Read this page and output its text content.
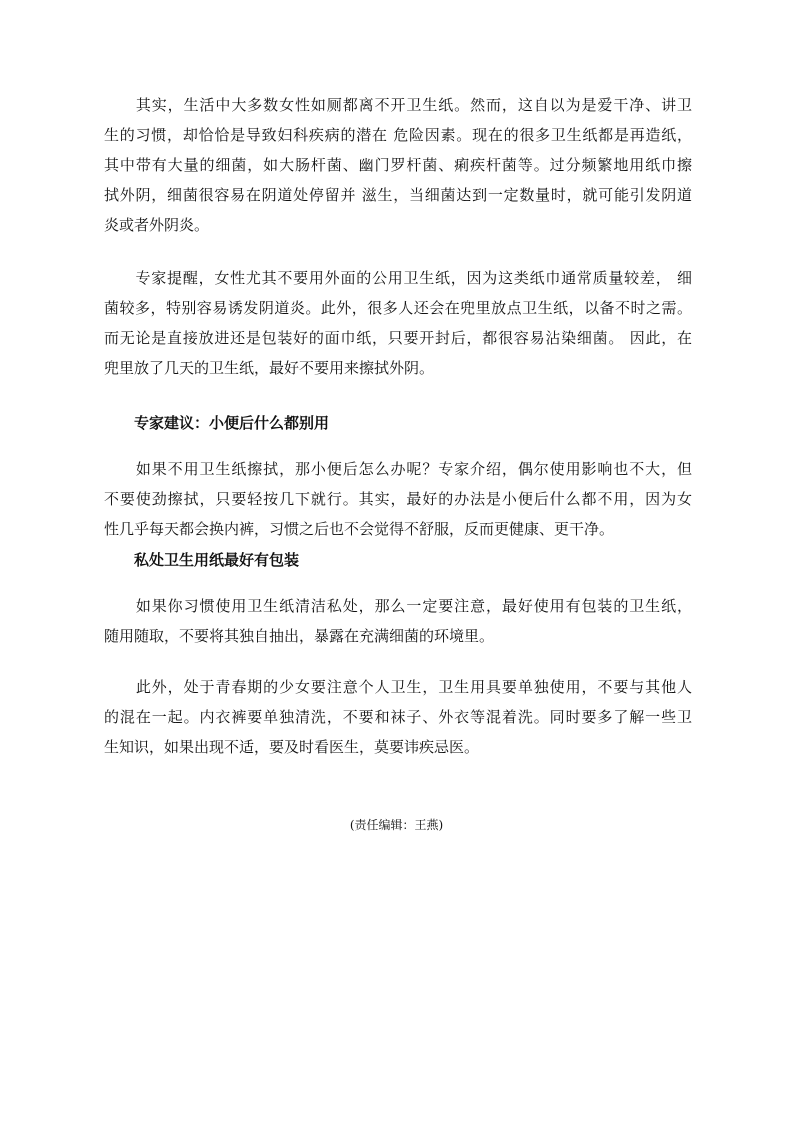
　　其实，生活中大多数女性如厕都离不开卫生纸。然而，这自以为是爱干净、讲卫
生的习惯，却恰恰是导致妇科疾病的潜在 危险因素。现在的很多卫生纸都是再造纸，
其中带有大量的细菌，如大肠杆菌、幽门罗杆菌、痢疾杆菌等。过分频繁地用纸巾擦
拭外阴，细菌很容易在阴道处停留并 滋生，当细菌达到一定数量时，就可能引发阴道
炎或者外阴炎。
　　专家提醒，女性尤其不要用外面的公用卫生纸，因为这类纸巾通常质量较差， 细
菌较多，特别容易诱发阴道炎。此外，很多人还会在兜里放点卫生纸，以备不时之需。
而无论是直接放进还是包装好的面巾纸，只要开封后，都很容易沾染细菌。 因此，在
兜里放了几天的卫生纸，最好不要用来擦拭外阴。
专家建议：小便后什么都别用
　　如果不用卫生纸擦拭，那小便后怎么办呢？专家介绍，偶尔使用影响也不大，但
不要使劲擦拭，只要轻按几下就行。其实，最好的办法是小便后什么都不用，因为女
性几乎每天都会换内裤，习惯之后也不会觉得不舒服，反而更健康、更干净。
私处卫生用纸最好有包装
　　如果你习惯使用卫生纸清洁私处，那么一定要注意，最好使用有包装的卫生纸，
随用随取，不要将其独自抽出，暴露在充满细菌的环境里。
　　此外，处于青春期的少女要注意个人卫生，卫生用具要单独使用，不要与其他人
的混在一起。内衣裤要单独清洗，不要和袜子、外衣等混着洗。同时要多了解一些卫
生知识，如果出现不适，要及时看医生，莫要讳疾忌医。
(责任编辑：王燕)
